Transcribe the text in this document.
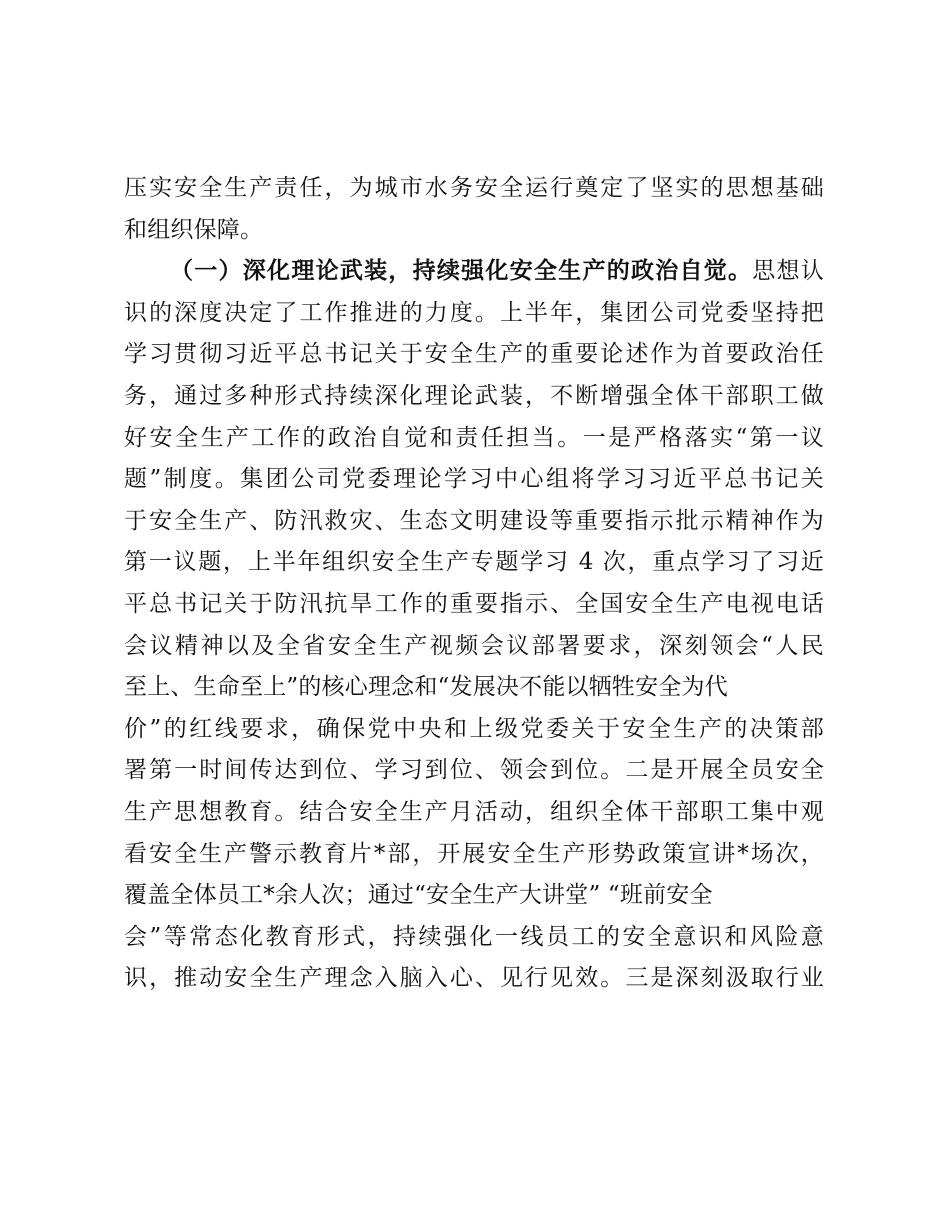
压实安全生产责任，为城市水务安全运行奠定了坚实的思想基础
和组织保障。
（一）深化理论武装，持续强化安全生产的政治自觉。思想认
识的深度决定了工作推进的力度。上半年，集团公司党委坚持把
学习贯彻习近平总书记关于安全生产的重要论述作为首要政治任
务，通过多种形式持续深化理论武装，不断增强全体干部职工做
好安全生产工作的政治自觉和责任担当。一是严格落实“第一议
题”制度。集团公司党委理论学习中心组将学习习近平总书记关
于安全生产、防汛救灾、生态文明建设等重要指示批示精神作为
第一议题，上半年组织安全生产专题学习 4 次，重点学习了习近
平总书记关于防汛抗旱工作的重要指示、全国安全生产电视电话
会议精神以及全省安全生产视频会议部署要求，深刻领会“人民
至上、生命至上”的核心理念和“发展决不能以牺牲安全为代
价”的红线要求，确保党中央和上级党委关于安全生产的决策部
署第一时间传达到位、学习到位、领会到位。二是开展全员安全
生产思想教育。结合安全生产月活动，组织全体干部职工集中观
看安全生产警示教育片*部，开展安全生产形势政策宣讲*场次，
覆盖全体员工*余人次；通过“安全生产大讲堂” “班前安全
会”等常态化教育形式，持续强化一线员工的安全意识和风险意
识，推动安全生产理念入脑入心、见行见效。三是深刻汲取行业
